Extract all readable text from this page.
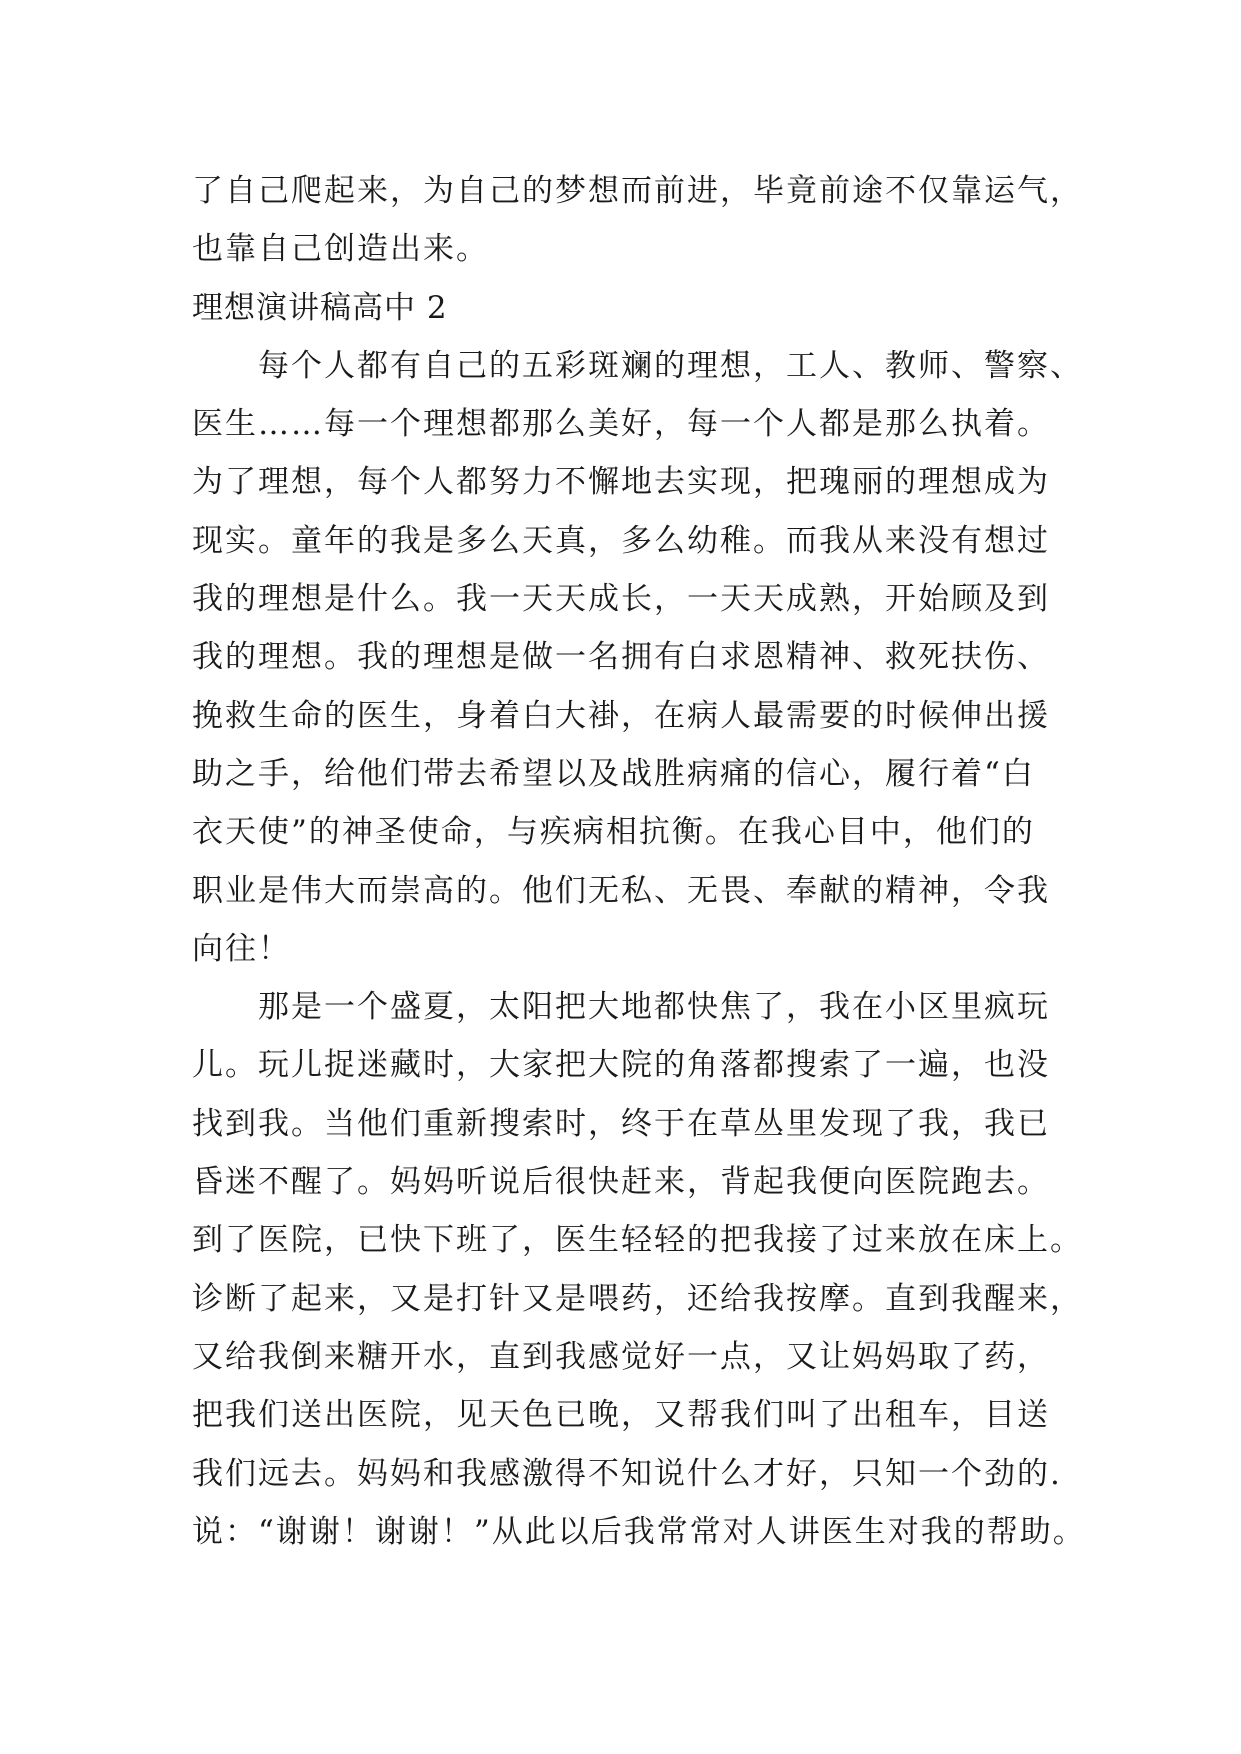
了自己爬起来，为自己的梦想而前进，毕竟前途不仅靠运气，
也靠自己创造出来。
理想演讲稿高中 2
　　每个人都有自己的五彩斑斓的理想，工人、教师、警察、
医生……每一个理想都那么美好，每一个人都是那么执着。
为了理想，每个人都努力不懈地去实现，把瑰丽的理想成为
现实。童年的我是多么天真，多么幼稚。而我从来没有想过
我的理想是什么。我一天天成长，一天天成熟，开始顾及到
我的理想。我的理想是做一名拥有白求恩精神、救死扶伤、
挽救生命的医生，身着白大褂，在病人最需要的时候伸出援
助之手，给他们带去希望以及战胜病痛的信心，履行着“白
衣天使”的神圣使命，与疾病相抗衡。在我心目中，他们的
职业是伟大而崇高的。他们无私、无畏、奉献的精神，令我
向往！
　　那是一个盛夏，太阳把大地都快焦了，我在小区里疯玩
儿。玩儿捉迷藏时，大家把大院的角落都搜索了一遍，也没
找到我。当他们重新搜索时，终于在草丛里发现了我，我已
昏迷不醒了。妈妈听说后很快赶来，背起我便向医院跑去。
到了医院，已快下班了，医生轻轻的把我接了过来放在床上。
诊断了起来，又是打针又是喂药，还给我按摩。直到我醒来，
又给我倒来糖开水，直到我感觉好一点，又让妈妈取了药，
把我们送出医院，见天色已晚，又帮我们叫了出租车，目送
我们远去。妈妈和我感激得不知说什么才好，只知一个劲的.
说：“谢谢！谢谢！”从此以后我常常对人讲医生对我的帮助。
